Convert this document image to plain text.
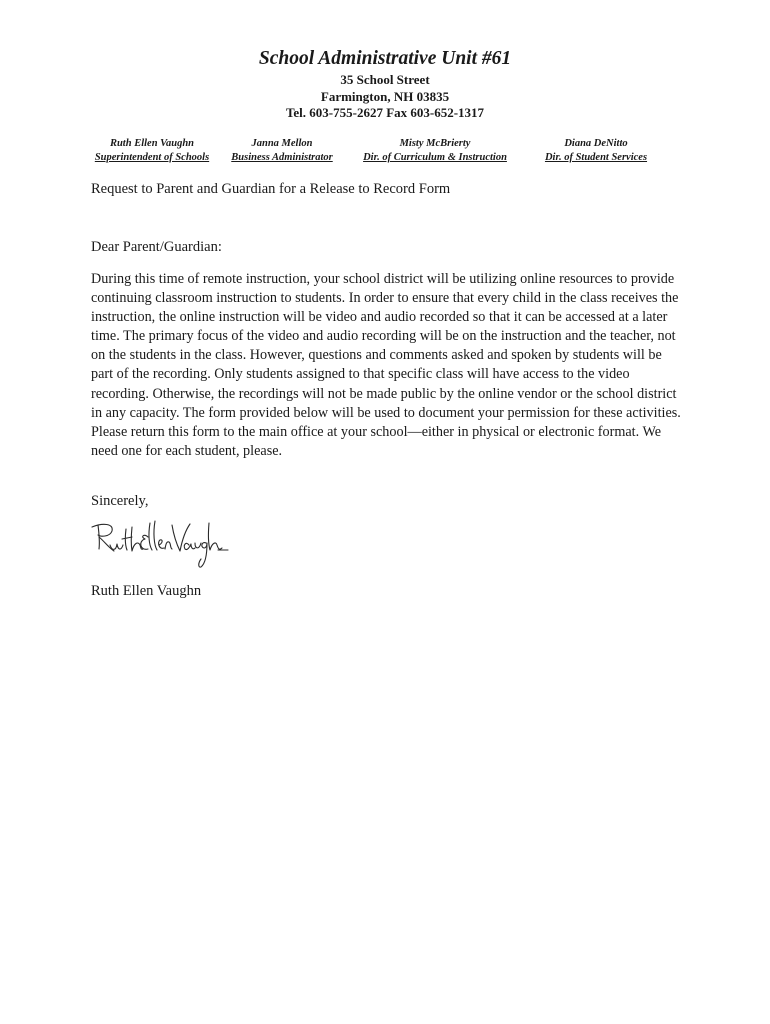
School Administrative Unit #61
35 School Street
Farmington, NH 03835
Tel. 603-755-2627 Fax 603-652-1317
Ruth Ellen Vaughn
Superintendent of Schools
Janna Mellon
Business Administrator
Misty McBrierty
Dir. of Curriculum & Instruction
Diana DeNitto
Dir. of Student Services
Request to Parent and Guardian for a Release to Record Form
Dear Parent/Guardian:

During this time of remote instruction, your school district will be utilizing online resources to provide continuing classroom instruction to students. In order to ensure that every child in the class receives the instruction, the online instruction will be video and audio recorded so that it can be accessed at a later time. The primary focus of the video and audio recording will be on the instruction and the teacher, not on the students in the class. However, questions and comments asked and spoken by students will be part of the recording. Only students assigned to that specific class will have access to the video recording. Otherwise, the recordings will not be made public by the online vendor or the school district in any capacity. The form provided below will be used to document your permission for these activities. Please return this form to the main office at your school—either in physical or electronic format. We need one for each student, please.

Sincerely,
Ruth Ellen Vaughn
